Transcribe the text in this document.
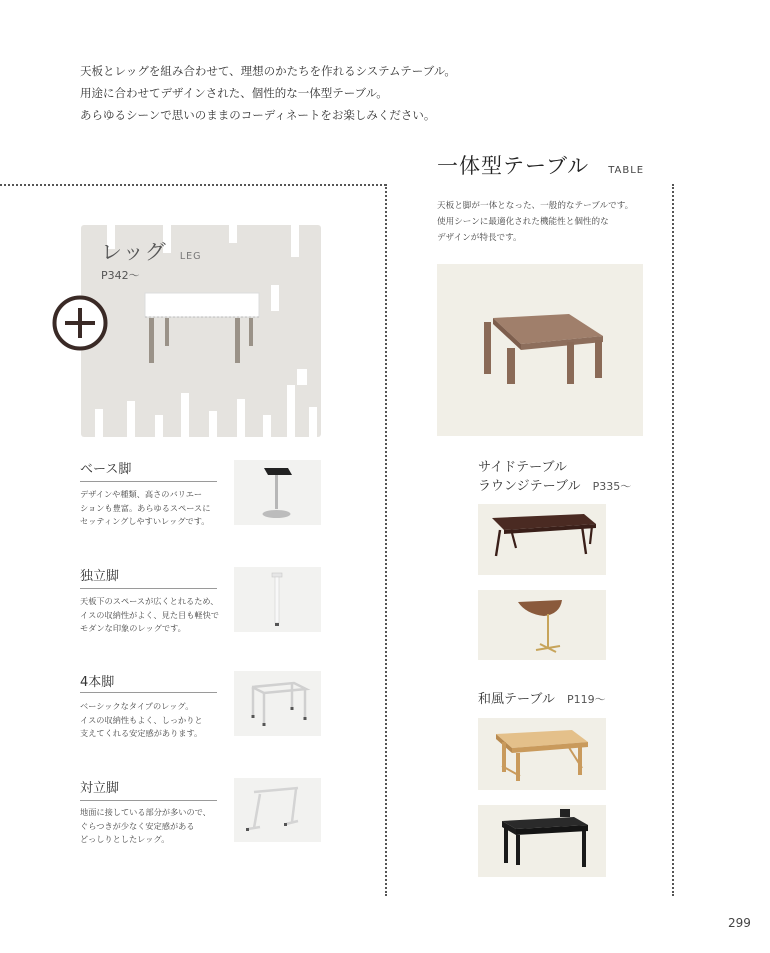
天板とレッグを組み合わせて、理想のかたちを作れるシステムテーブル。

用途に合わせてデザインされた、個性的な一体型テーブル。

あらゆるシーンで思いのままのコーディネートをお楽しみください。

レッグ LEG
P342〜
ベース脚

デザインや種類、高さのバリエー

ションも豊富。あらゆるスペースに

セッティングしやすいレッグです。

独立脚

天板下のスペースが広くとれるため、

イスの収納性がよく、見た目も軽快で

モダンな印象のレッグです。

4本脚

ベーシックなタイプのレッグ。

イスの収納性もよく、しっかりと

支えてくれる安定感があります。

対立脚

地面に接している部分が多いので、

ぐらつきが少なく安定感がある

どっしりとしたレッグ。

一体型テーブル TABLE

天板と脚が一体となった、一般的なテーブルです。

使用シーンに最適化された機能性と個性的な

デザインが特長です。

サイドテーブル
ラウンジテーブル P335〜
和風テーブル P119〜
299
